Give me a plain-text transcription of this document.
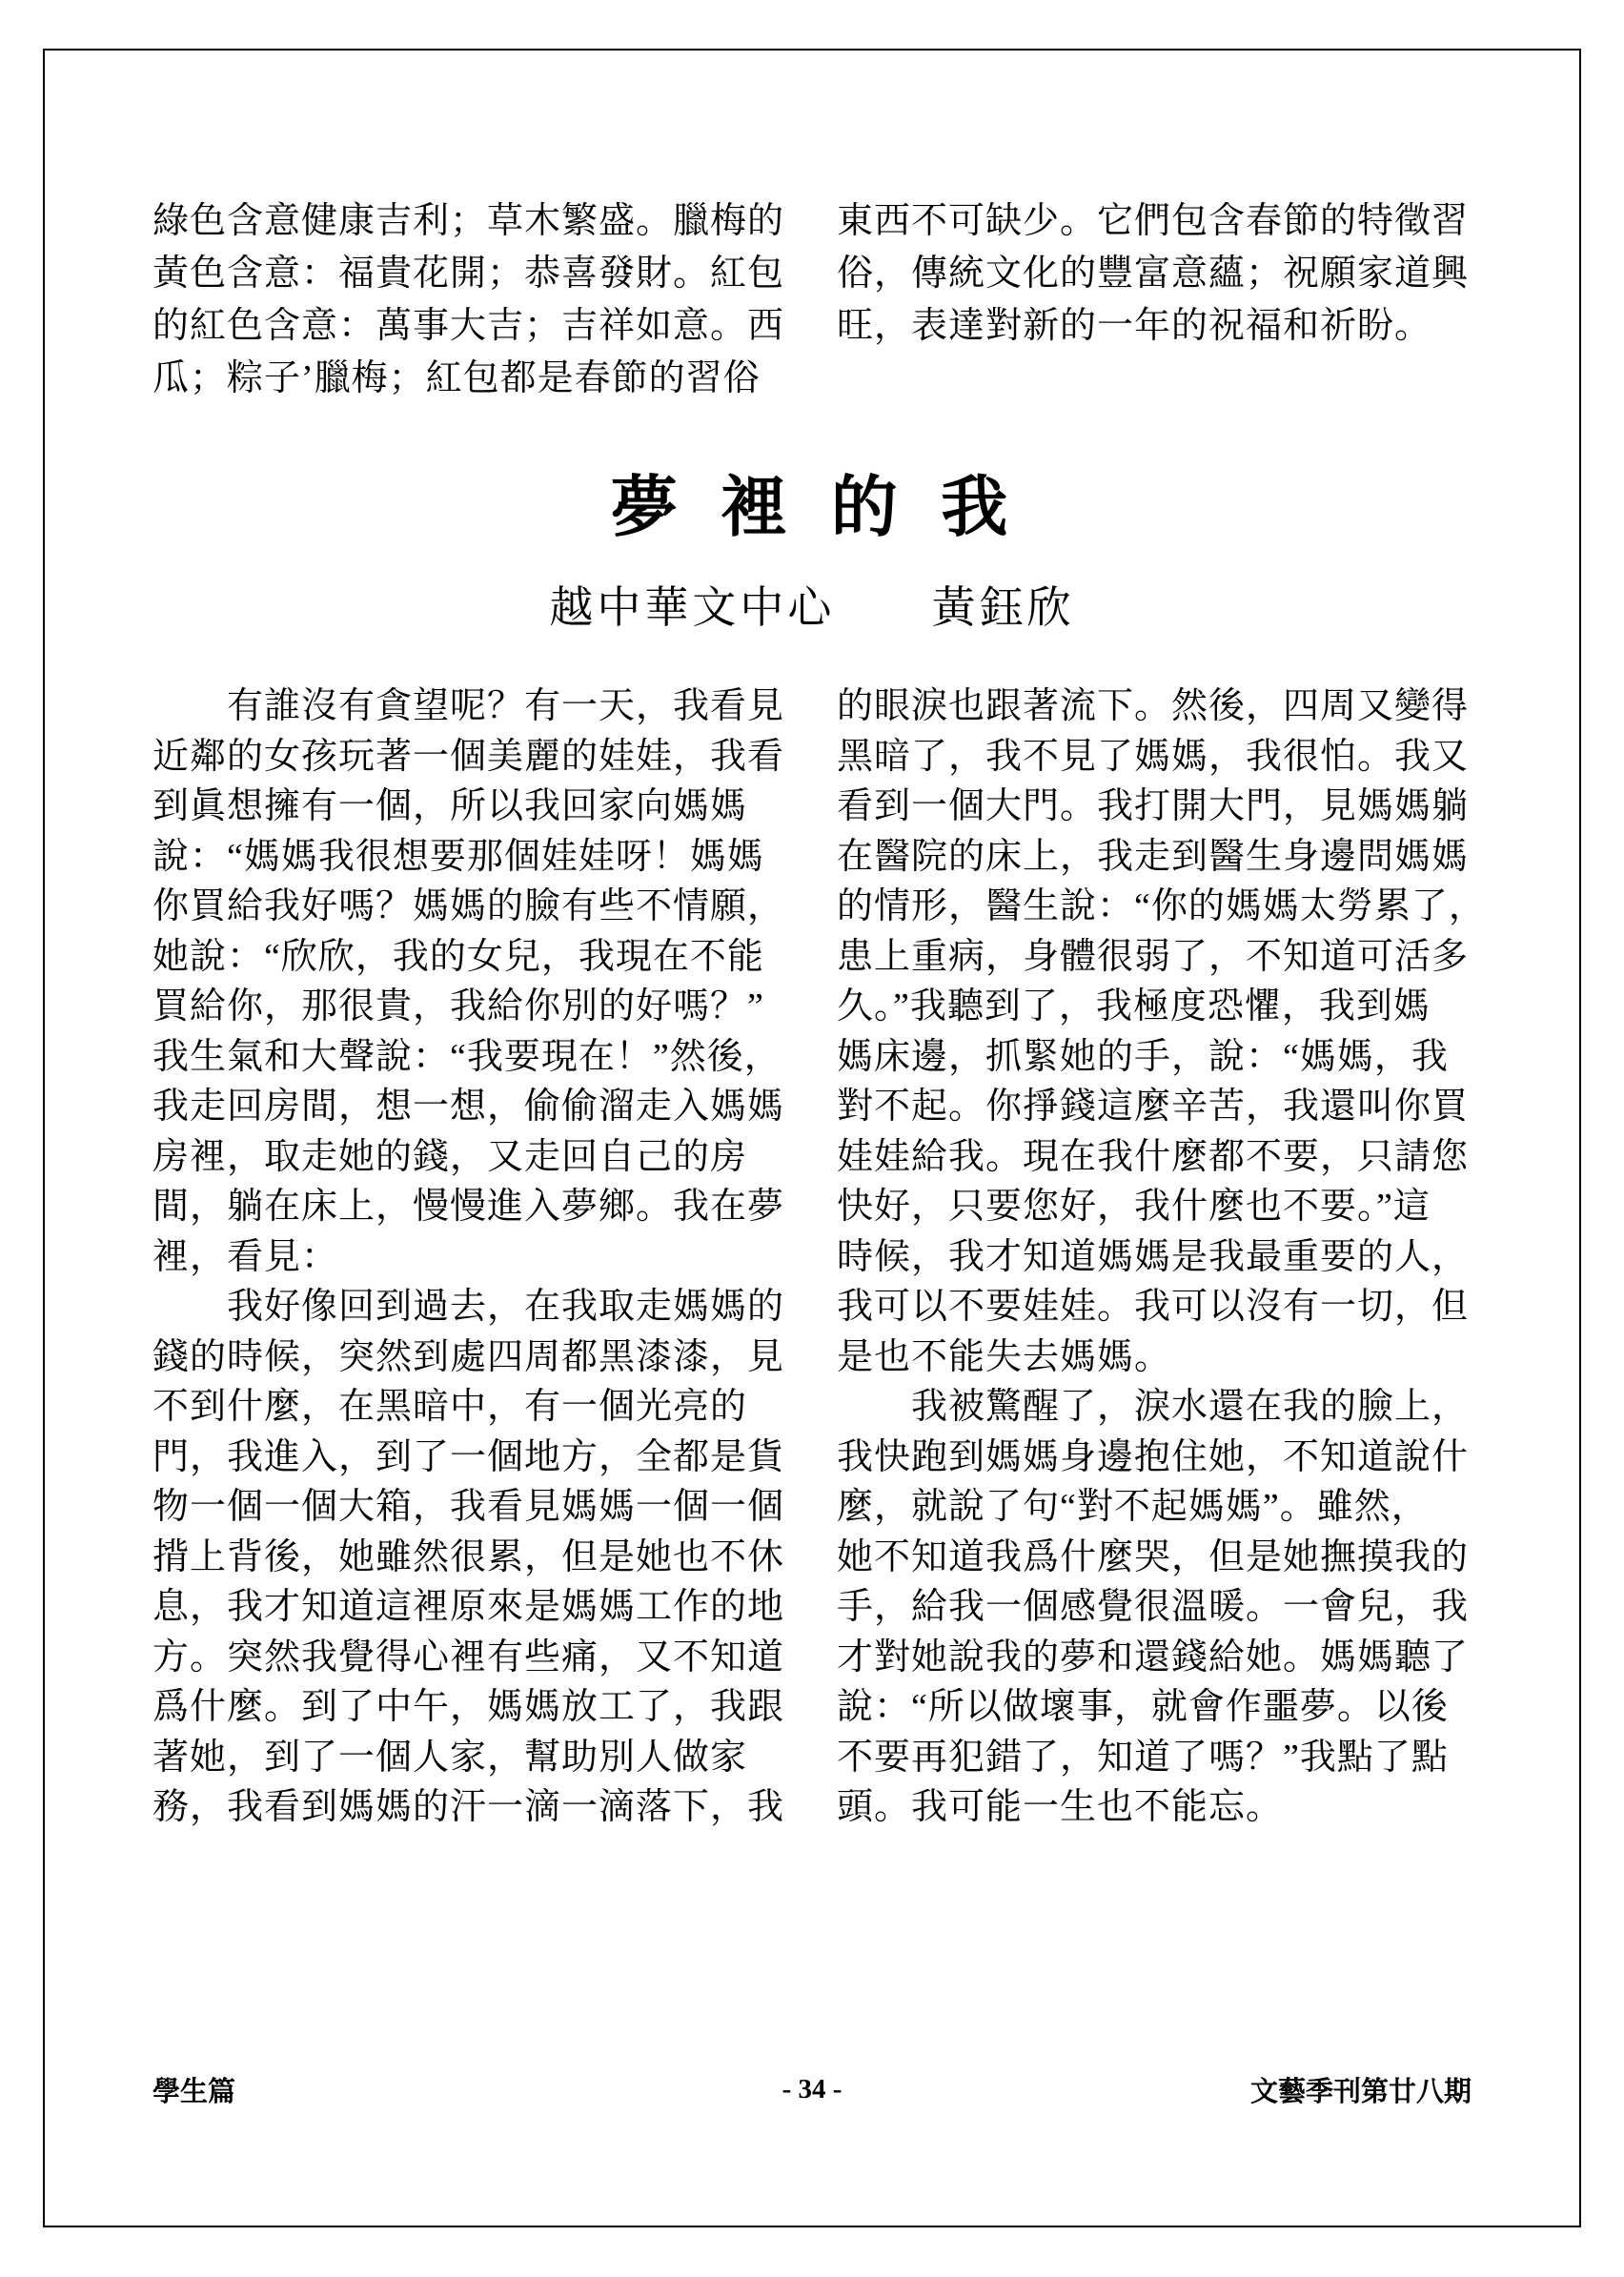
綠色含意健康吉利；草木繁盛。臘梅的
黃色含意：福貴花開；恭喜發財。紅包
的紅色含意：萬事大吉；吉祥如意。西
瓜；粽子’臘梅；紅包都是春節的習俗
東西不可缺少。它們包含春節的特徵習
俗，傳統文化的豐富意蘊；祝願家道興
旺，表達對新的一年的祝福和祈盼。
夢 裡 的 我
越中華文中心 黃鈺欣
　　有誰沒有貪望呢？有一天，我看見
近鄰的女孩玩著一個美麗的娃娃，我看
到眞想擁有一個，所以我回家向媽媽
說：“媽媽我很想要那個娃娃呀！媽媽
你買給我好嗎？媽媽的臉有些不情願，
她說：“欣欣，我的女兒，我現在不能
買給你，那很貴，我給你別的好嗎？”
我生氣和大聲說：“我要現在！”然後，
我走回房間，想一想，偷偷溜走入媽媽
房裡，取走她的錢，又走回自己的房
間，躺在床上，慢慢進入夢鄉。我在夢
裡，看見：
　　我好像回到過去，在我取走媽媽的
錢的時候，突然到處四周都黑漆漆，見
不到什麼，在黑暗中，有一個光亮的
門，我進入，到了一個地方，全都是貨
物一個一個大箱，我看見媽媽一個一個
揹上背後，她雖然很累，但是她也不休
息，我才知道這裡原來是媽媽工作的地
方。突然我覺得心裡有些痛，又不知道
爲什麼。到了中午，媽媽放工了，我跟
著她，到了一個人家，幫助別人做家
務，我看到媽媽的汗一滴一滴落下，我
的眼淚也跟著流下。然後，四周又變得
黑暗了，我不見了媽媽，我很怕。我又
看到一個大門。我打開大門，見媽媽躺
在醫院的床上，我走到醫生身邊問媽媽
的情形，醫生說：“你的媽媽太勞累了，
患上重病，身體很弱了，不知道可活多
久。”我聽到了，我極度恐懼，我到媽
媽床邊，抓緊她的手，說：“媽媽，我
對不起。你掙錢這麼辛苦，我還叫你買
娃娃給我。現在我什麼都不要，只請您
快好，只要您好，我什麼也不要。”這
時候，我才知道媽媽是我最重要的人，
我可以不要娃娃。我可以沒有一切，但
是也不能失去媽媽。
　　我被驚醒了，淚水還在我的臉上，
我快跑到媽媽身邊抱住她，不知道說什
麼，就說了句“對不起媽媽”。雖然，
她不知道我爲什麼哭，但是她撫摸我的
手，給我一個感覺很溫暖。一會兒，我
才對她說我的夢和還錢給她。媽媽聽了
說：“所以做壞事，就會作噩夢。以後
不要再犯錯了，知道了嗎？”我點了點
頭。我可能一生也不能忘。
學生篇	- 34 -	文藝季刊第廿八期
